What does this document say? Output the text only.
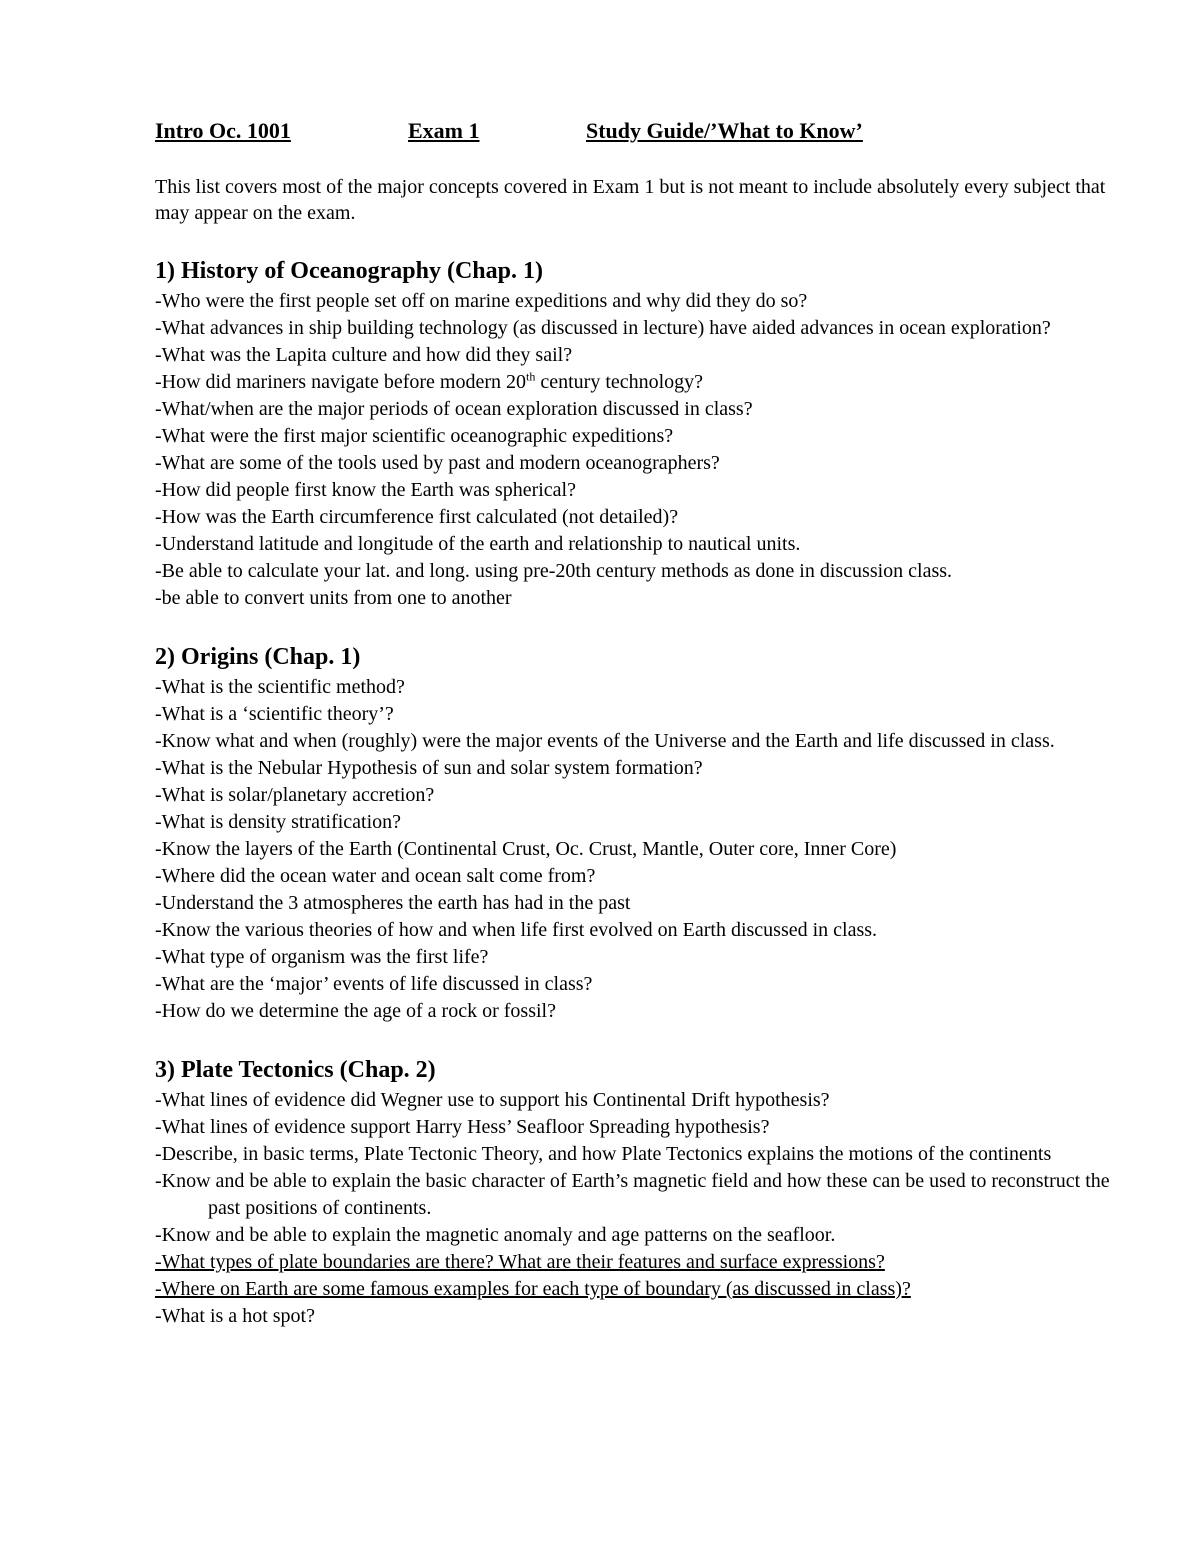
Intro Oc. 1001	Exam 1	Study Guide/’What to Know’
This list covers most of the major concepts covered in Exam 1 but is not meant to include absolutely every subject that may appear on the exam.
1) History of Oceanography (Chap. 1)
-Who were the first people set off on marine expeditions and why did they do so?
-What advances in ship building technology (as discussed in lecture) have aided advances in ocean exploration?
-What was the Lapita culture and how did they sail?
-How did mariners navigate before modern 20th century technology?
-What/when are the major periods of ocean exploration discussed in class?
-What were the first major scientific oceanographic expeditions?
-What are some of the tools used by past and modern oceanographers?
-How did people first know the Earth was spherical?
-How was the Earth circumference first calculated (not detailed)?
-Understand latitude and longitude of the earth and relationship to nautical units.
-Be able to calculate your lat. and long. using pre-20th century methods as done in discussion class.
-be able to convert units from one to another
2) Origins (Chap. 1)
-What is the scientific method?
-What is a ‘scientific theory’?
-Know what and when (roughly) were the major events of the Universe and the Earth and life discussed in class.
-What is the Nebular Hypothesis of sun and solar system formation?
-What is solar/planetary accretion?
-What is density stratification?
-Know the layers of the Earth (Continental Crust, Oc. Crust, Mantle, Outer core, Inner Core)
-Where did the ocean water and ocean salt come from?
-Understand the 3 atmospheres the earth has had in the past
-Know the various theories of how and when life first evolved on Earth discussed in class.
-What type of organism was the first life?
-What are the ‘major’ events of life discussed in class?
-How do we determine the age of a rock or fossil?
3) Plate Tectonics (Chap. 2)
-What lines of evidence did Wegner use to support his Continental Drift hypothesis?
-What lines of evidence support Harry Hess’ Seafloor Spreading hypothesis?
-Describe, in basic terms, Plate Tectonic Theory, and how Plate Tectonics explains the motions of the continents
-Know and be able to explain the basic character of Earth’s magnetic field and how these can be used to reconstruct the past positions of continents.
-Know and be able to explain the magnetic anomaly and age patterns on the seafloor.
-What types of plate boundaries are there? What are their features and surface expressions?
-Where on Earth are some famous examples for each type of boundary (as discussed in class)?
-What is a hot spot?
